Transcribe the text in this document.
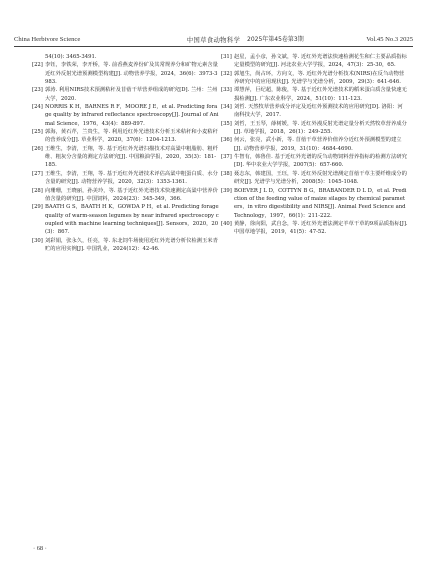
China Herbivore Science	中国草食动物科学	2025年第45卷第3期	Vol.45 No.3 2025

54(10): 3465-3491.

[22] 李钰，李铁荣，李开桥，等. 前香燕麦养份矿及其常规养分和矿物元素含量近红外反射光谱预测模型构建[J]. 动物营养学报，2024，36(6)：3973-3983.

[23] 郭涛. 利用NIRS技术预测秸秆及苜蓿干草营养组成的研究[D]. 兰州：兰州大学，2020.

[24] NORRIS K H，BARNES R F，MOORE J E，et al. Predicting forage quality by infrared reflectance spectroscopy[J]. Journal of Animal Science，1976，43(4)：889-897.

[25] 郭海，黄石芹，兰贵生，等. 利用近红外光谱技术分析玉米秸秆和小麦秸秆的营养成分[J]. 草业科学，2020，37(6)：1204-1213.

[26] 王维生，李清，王翔，等. 基于近红外光谱扫描技术对高粱中粗脂肪、粗纤维、粗灰分含量的测定方法研究[J]. 中国粮油学报，2020，35(3)：181-185.

[27] 王维生，李清，王翔，等. 基于近红外光谱技术评估高粱中粗蛋白质、水分含量的研究[J]. 动物营养学报，2020，32(3)：1353-1361.

[28] 向珊珊，王晓丽，孙美玲，等. 基于近红外光谱技术快速测定高粱中营养价值含量的研究[J]. 中国饲料，2024(23)：345-349，366.

[29] BAATH G S，BAATH H K，GOWDA P H，et al. Predicting forage quality of warm-season legumes by near infrared spectroscopy coupled with machine learning techniques[J]. Sensors，2020，20(3)：867.

[30] 刘彩娟，张永久，任亮，等. 东北饲牛场使用近红外光谱分析仪检测玉米青贮的应用实例[J]. 中国乳业，2024(12)：42-46.

[31] 赵星，孟小彦，孙文斌，等. 近红外光谱法快速检测花生和仁主要品质指标定量模型的研究[J]. 河北农业大学学报，2024，47(3)：25-30，65.

[32] 郭旭生，尚占环，方向文，等. 近红外光谱分析技术(NIRS)在反刍动物营养研究中的应用现状[J]. 光谱学与光谱分析，2009，29(3)：641-646.

[33] 谭慧萍，巨纪超，陈俊，等. 基于近红外光谱技术的稻米蛋白质含量快速无损检测[J]. 广东农业科学，2024，51(10)：111-123.

[34] 刘哲. 天然牧草营养成分评定及近红外预测技术的应用研究[D]. 洛阳：河南科技大学，2017.

[35] 刘哲，王玉琴，薛树媛，等. 近红外漫反射光谱定量分析天然牧草营养成分[J]. 草地学报，2018，26(1)：249-255.

[36] 何云，张亮，武小新，等. 苜蓿干草营养价值养分近红外预测模型的建立[J]. 动物营养学报，2019，31(10)：4684-4690.

[37] 牛智有，韩鲁佳. 基于近红外光谱的反刍动物饲料营养指标的检测方法研究[D]. 华中农业大学学报，2007(5)：657-660.

[38] 聂志东，韩建国，王珏，等. 近红外反射光谱测定苜蓿干草主要纤维成分的研究[J]. 光谱学与光谱分析，2008(5)：1045-1048.

[39] BOEVER J L D，COTTYN B G，BRABANDER D L D，et al. Prediction of the feeding value of maize silages by chemical parameters，in vitro digestibility and NIRS[J]. Animal Feed Science and Technology，1997，66(1)：211-222.

[40] 黄静，徐向阳，武自念，等. 近红外光谱法测定羊草干草的9项品质指标[J]. 中国草地学报，2019，41(5)：47-52.

· 68 ·
